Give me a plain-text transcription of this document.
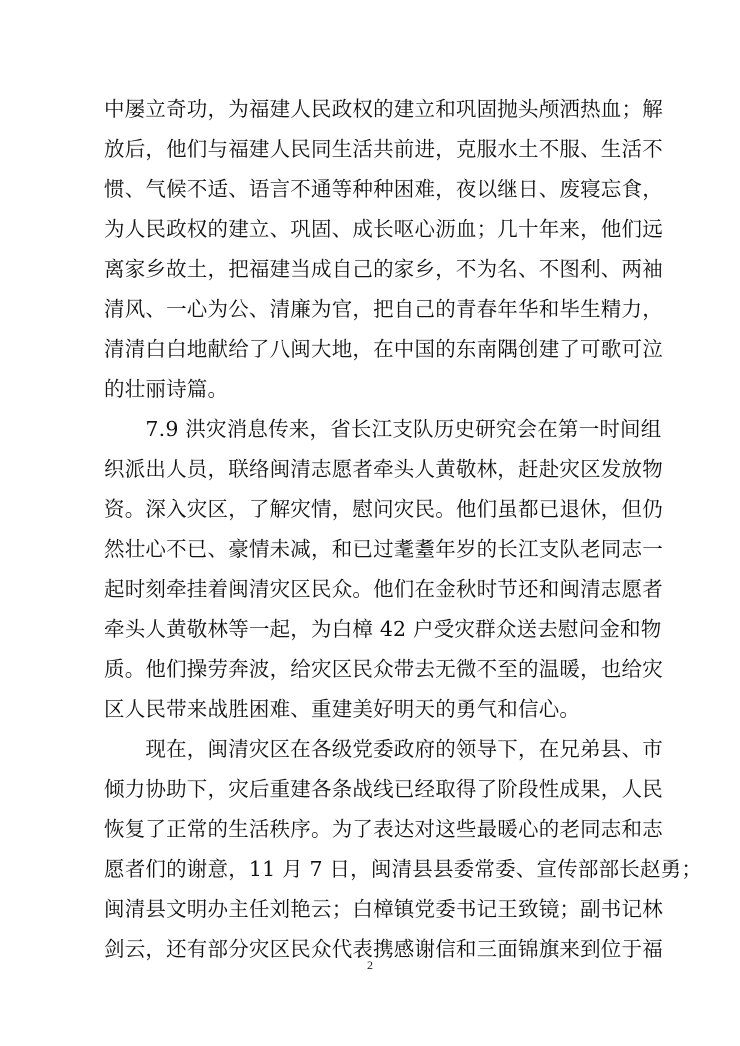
中屡立奇功，为福建人民政权的建立和巩固抛头颅洒热血；解
放后，他们与福建人民同生活共前进，克服水土不服、生活不
惯、气候不适、语言不通等种种困难，夜以继日、废寝忘食，
为人民政权的建立、巩固、成长呕心沥血；几十年来，他们远
离家乡故土，把福建当成自己的家乡，不为名、不图利、两袖
清风、一心为公、清廉为官，把自己的青春年华和毕生精力，
清清白白地献给了八闽大地，在中国的东南隅创建了可歌可泣
的壮丽诗篇。
　　7.9 洪灾消息传来，省长江支队历史研究会在第一时间组
织派出人员，联络闽清志愿者牵头人黄敬林，赶赴灾区发放物
资。深入灾区，了解灾情，慰问灾民。他们虽都已退休，但仍
然壮心不已、豪情未减，和已过耄耋年岁的长江支队老同志一
起时刻牵挂着闽清灾区民众。他们在金秋时节还和闽清志愿者
牵头人黄敬林等一起，为白樟 42 户受灾群众送去慰问金和物
质。他们操劳奔波，给灾区民众带去无微不至的温暖，也给灾
区人民带来战胜困难、重建美好明天的勇气和信心。
　　现在，闽清灾区在各级党委政府的领导下，在兄弟县、市
倾力协助下，灾后重建各条战线已经取得了阶段性成果，人民
恢复了正常的生活秩序。为了表达对这些最暖心的老同志和志
愿者们的谢意，11 月 7 日，闽清县县委常委、宣传部部长赵勇；
闽清县文明办主任刘艳云；白樟镇党委书记王致镜；副书记林
剑云，还有部分灾区民众代表携感谢信和三面锦旗来到位于福
2
